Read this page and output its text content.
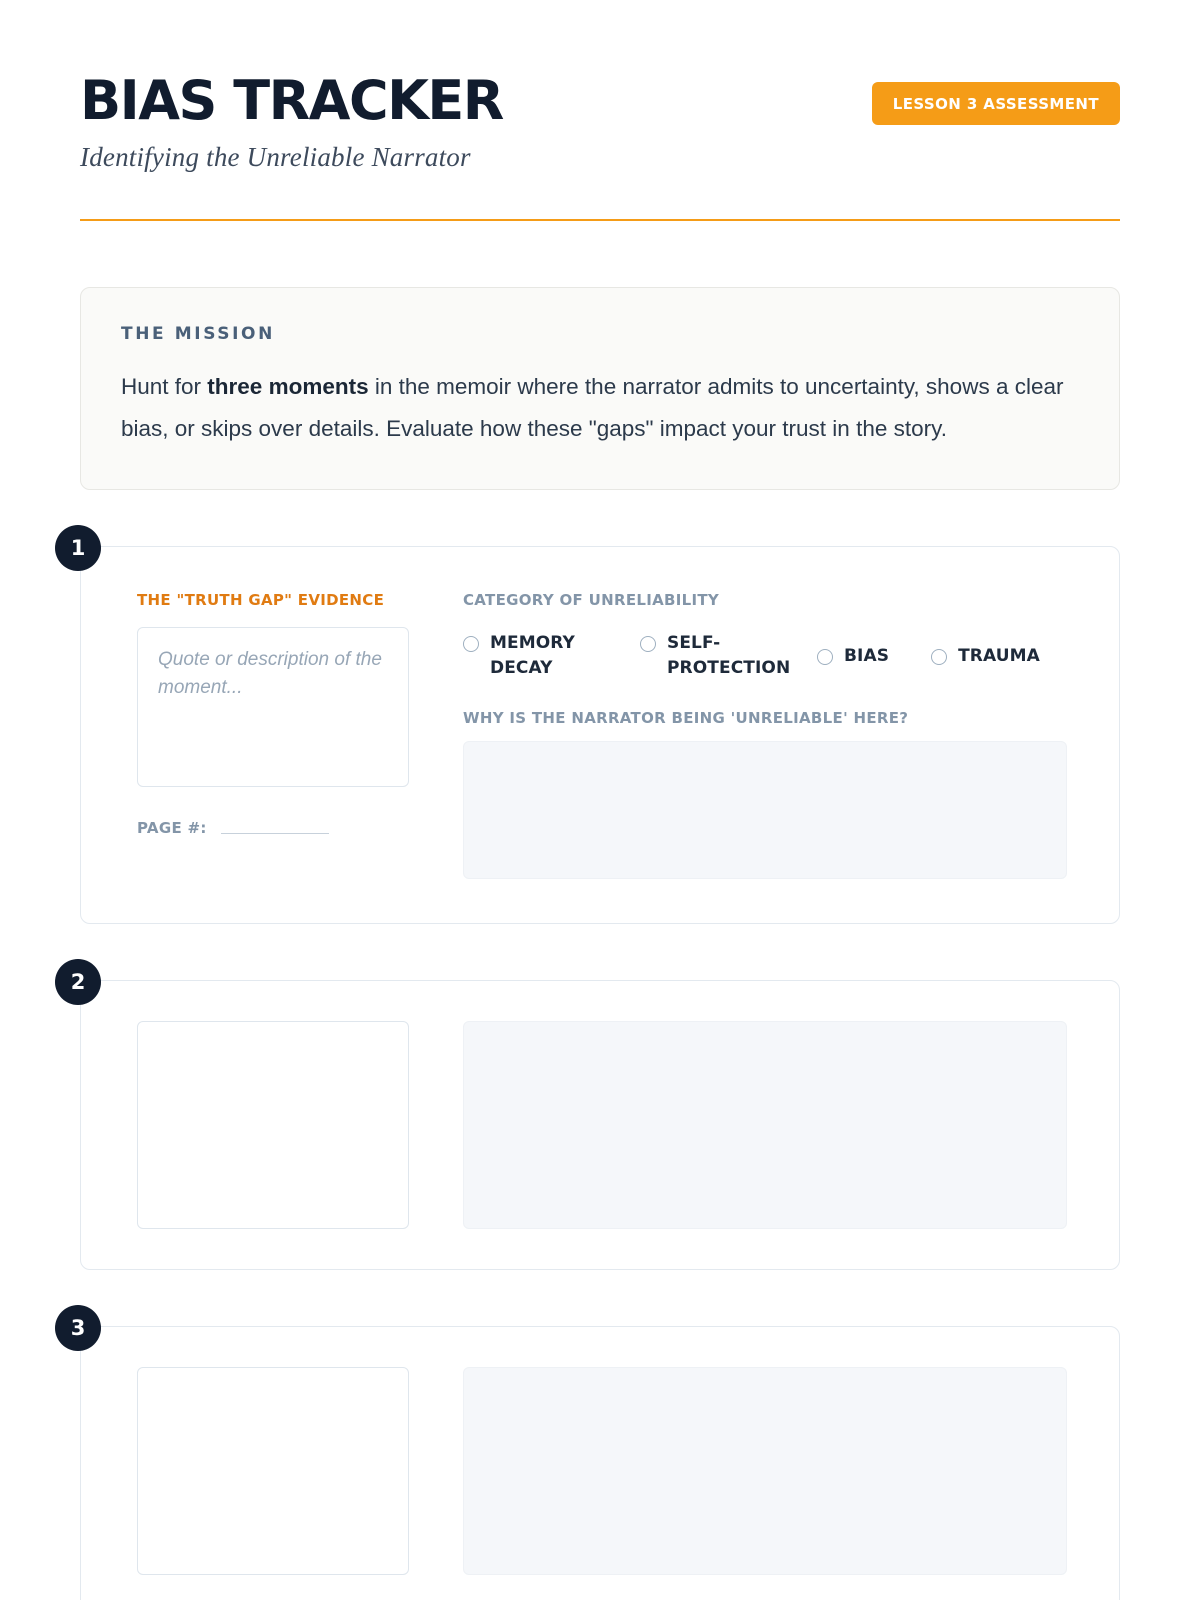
BIAS TRACKER
Identifying the Unreliable Narrator
LESSON 3 ASSESSMENT
THE MISSION
Hunt for three moments in the memoir where the narrator admits to uncertainty, shows a clear bias, or skips over details. Evaluate how these "gaps" impact your trust in the story.
1
THE "TRUTH GAP" EVIDENCE
Quote or description of the moment...
PAGE #:
CATEGORY OF UNRELIABILITY
MEMORY DECAY
SELF-PROTECTION
BIAS	TRAUMA
WHY IS THE NARRATOR BEING 'UNRELIABLE' HERE?
2
3
